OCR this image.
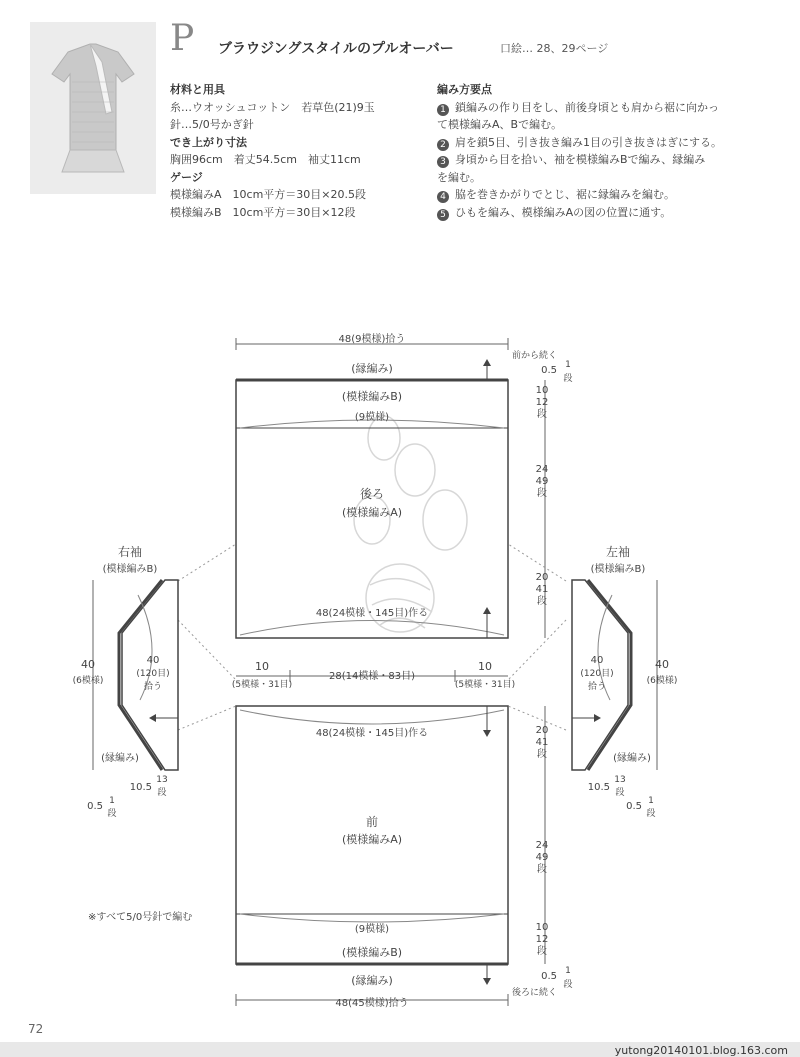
P ブラウジングスタイルのプルオーバー	口絵… 28、29ページ

材料と用具

糸…ウオッシュコットン　若草色(21)9玉

針…5/0号かぎ針

でき上がり寸法

胸囲96cm　着丈54.5cm　袖丈11cm

ゲージ

模様編みA　10cm平方＝30目×20.5段

模様編みB　10cm平方＝30目×12段

編み方要点

1 鎖編みの作り目をし、前後身頃とも肩から裾に向かっ

て模様編みA、Bで編む。

2 肩を鎖5目、引き抜き編み1目の引き抜きはぎにする。

3 身頃から目を拾い、袖を模様編みBで編み、縁編み

を編む。

4 脇を巻きかがりでとじ、裾に縁編みを編む。

5 ひもを編み、模様編みAの図の位置に通す。

48(9模様)拾う
(縁編み)
(模様編みB)
(9模様)
後ろ
(模様編みA)
48(24模様・145目)作る
前から続く
0.5 1
段
10
12
段
24
49
段
20
41
段
10
(5模様・31目)
28(14模様・83目)
10
(5模様・31目)
48(24模様・145目)作る
前
(模様編みA)
(9模様)
(模様編みB)
(縁編み)
48(45模様)拾う
後ろに続く
20
41
段
24
49
段
10
12
段
0.5 1
段
右袖
(模様編みB)
40
(6模様)
40
(120目)
拾う
(縁編み)
10.5
13
段
0.5 1
段
左袖
(模様編みB)
40
(6模様)
40
(120目)
拾う
(縁編み)
10.5
13
段
0.5 1
段
※すべて5/0号針で編む
72
yutong20140101.blog.163.com
